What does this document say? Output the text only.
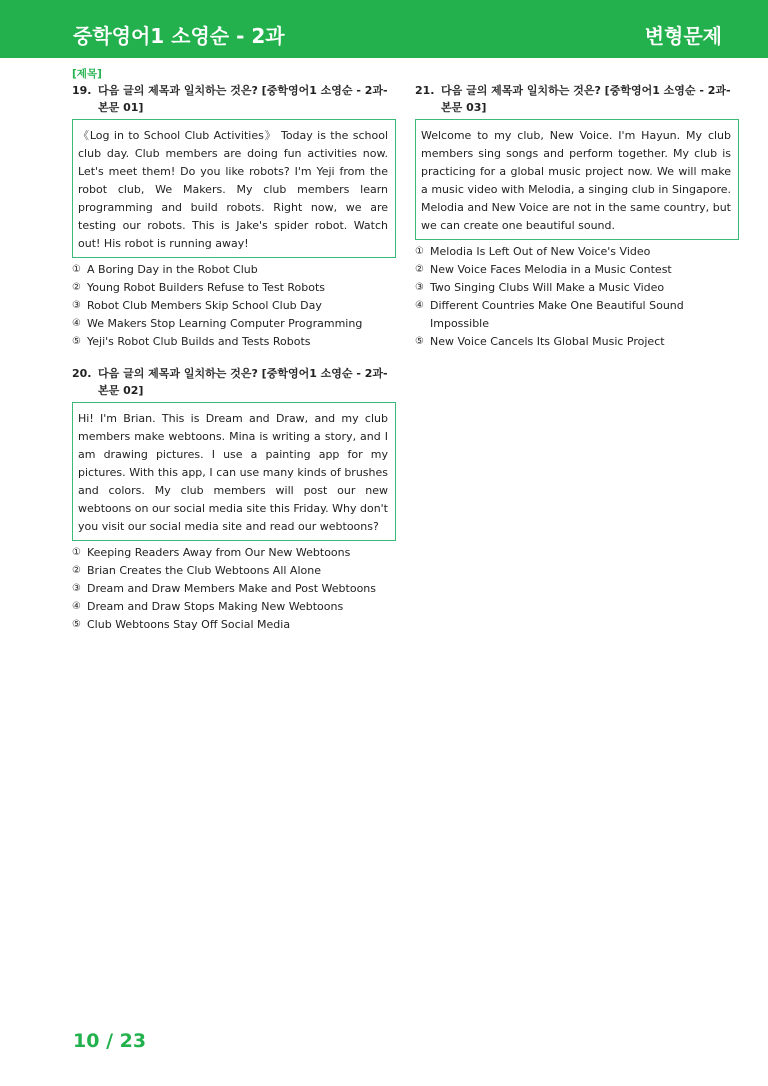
중학영어1 소영순 - 2과	변형문제
[제목]
19. 다음 글의 제목과 일치하는 것은? [중학영어1 소영순 - 2과-본문 01]
《Log in to School Club Activities》 Today is the school club day. Club members are doing fun activities now. Let's meet them! Do you like robots? I'm Yeji from the robot club, We Makers. My club members learn programming and build robots. Right now, we are testing our robots. This is Jake's spider robot. Watch out! His robot is running away!
① A Boring Day in the Robot Club
② Young Robot Builders Refuse to Test Robots
③ Robot Club Members Skip School Club Day
④ We Makers Stop Learning Computer Programming
⑤ Yeji's Robot Club Builds and Tests Robots
20. 다음 글의 제목과 일치하는 것은? [중학영어1 소영순 - 2과-본문 02]
Hi! I'm Brian. This is Dream and Draw, and my club members make webtoons. Mina is writing a story, and I am drawing pictures. I use a painting app for my pictures. With this app, I can use many kinds of brushes and colors. My club members will post our new webtoons on our social media site this Friday. Why don't you visit our social media site and read our webtoons?
① Keeping Readers Away from Our New Webtoons
② Brian Creates the Club Webtoons All Alone
③ Dream and Draw Members Make and Post Webtoons
④ Dream and Draw Stops Making New Webtoons
⑤ Club Webtoons Stay Off Social Media
21. 다음 글의 제목과 일치하는 것은? [중학영어1 소영순 - 2과-본문 03]
Welcome to my club, New Voice. I'm Hayun. My club members sing songs and perform together. My club is practicing for a global music project now. We will make a music video with Melodia, a singing club in Singapore. Melodia and New Voice are not in the same country, but we can create one beautiful sound.
① Melodia Is Left Out of New Voice's Video
② New Voice Faces Melodia in a Music Contest
③ Two Singing Clubs Will Make a Music Video
④ Different Countries Make One Beautiful Sound Impossible
⑤ New Voice Cancels Its Global Music Project
10 / 23
